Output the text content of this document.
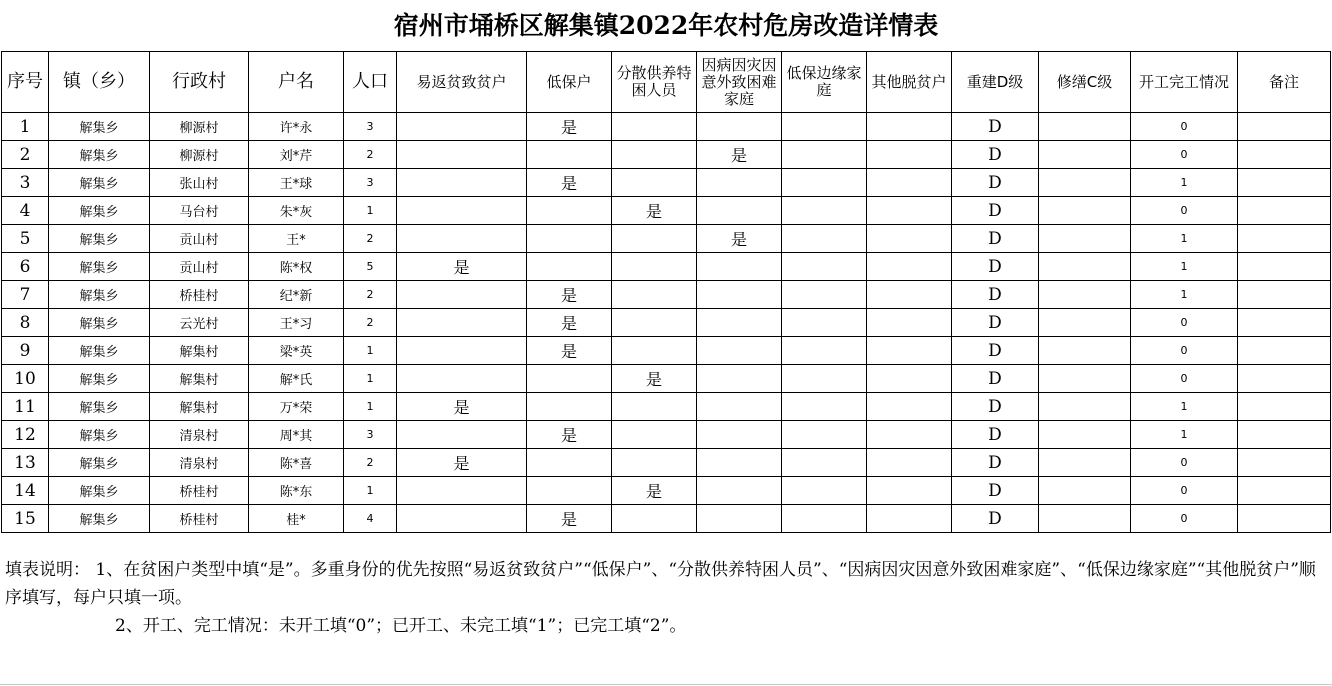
宿州市埇桥区解集镇2022年农村危房改造详情表
序号	镇（乡）	行政村	户名	人口	易返贫致贫户	低保户	分散供养特困人员	因病因灾因意外致困难家庭	低保边缘家庭	其他脱贫户	重建D级	修缮C级	开工完工情况	备注
1	解集乡	柳源村	许*永	3		是					D		0	
2	解集乡	柳源村	刘*芹	2				是			D		0	
3	解集乡	张山村	王*球	3		是					D		1	
4	解集乡	马台村	朱*灰	1			是				D		0	
5	解集乡	贡山村	王*	2				是			D		1	
6	解集乡	贡山村	陈*权	5	是						D		1	
7	解集乡	桥桂村	纪*新	2		是					D		1	
8	解集乡	云光村	王*习	2		是					D		0	
9	解集乡	解集村	梁*英	1		是					D		0	
10	解集乡	解集村	解*氏	1			是				D		0	
11	解集乡	解集村	万*荣	1	是						D		1	
12	解集乡	清泉村	周*其	3		是					D		1	
13	解集乡	清泉村	陈*喜	2	是						D		0	
14	解集乡	桥桂村	陈*东	1			是				D		0	
15	解集乡	桥桂村	桂*	4		是					D		0	
填表说明： 1、在贫困户类型中填“是”。多重身份的优先按照“易返贫致贫户”“低保户”、“分散供养特困人员”、“因病因灾因意外致困难家庭”、“低保边缘家庭”“其他脱贫户”顺序填写，每户只填一项。
2、开工、完工情况：未开工填“0”；已开工、未完工填“1”；已完工填“2”。
